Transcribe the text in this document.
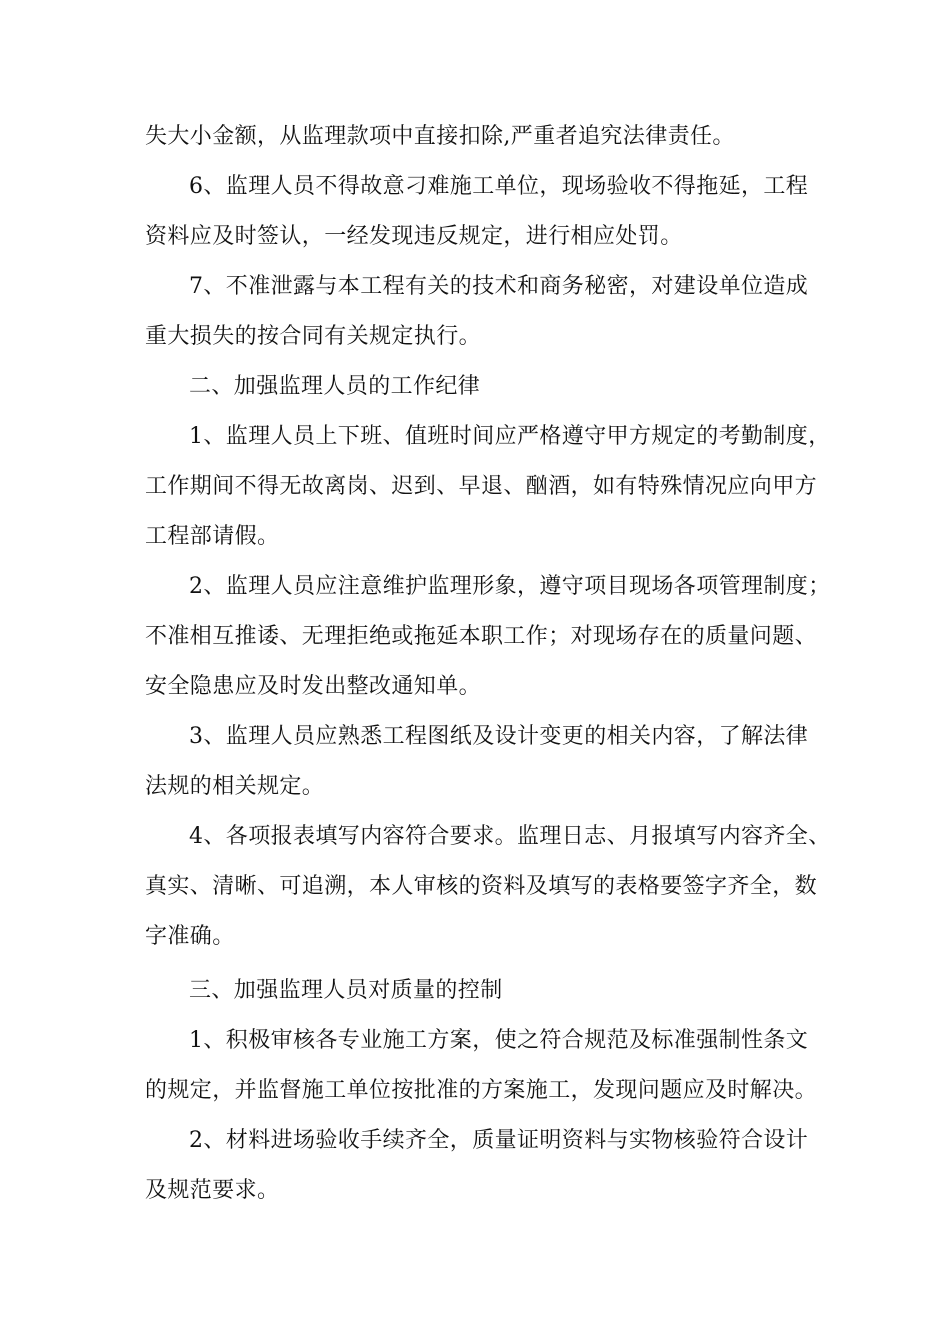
失大小金额，从监理款项中直接扣除,严重者追究法律责任。
6、监理人员不得故意刁难施工单位，现场验收不得拖延，工程
资料应及时签认，一经发现违反规定，进行相应处罚。
7、不准泄露与本工程有关的技术和商务秘密，对建设单位造成
重大损失的按合同有关规定执行。
二、加强监理人员的工作纪律
1、监理人员上下班、值班时间应严格遵守甲方规定的考勤制度，
工作期间不得无故离岗、迟到、早退、酗酒，如有特殊情况应向甲方
工程部请假。
2、监理人员应注意维护监理形象，遵守项目现场各项管理制度；
不准相互推诿、无理拒绝或拖延本职工作；对现场存在的质量问题、
安全隐患应及时发出整改通知单。
3、监理人员应熟悉工程图纸及设计变更的相关内容，了解法律
法规的相关规定。
4、各项报表填写内容符合要求。监理日志、月报填写内容齐全、
真实、清晰、可追溯，本人审核的资料及填写的表格要签字齐全，数
字准确。
三、加强监理人员对质量的控制
1、积极审核各专业施工方案，使之符合规范及标准强制性条文
的规定，并监督施工单位按批准的方案施工，发现问题应及时解决。
2、材料进场验收手续齐全，质量证明资料与实物核验符合设计
及规范要求。
